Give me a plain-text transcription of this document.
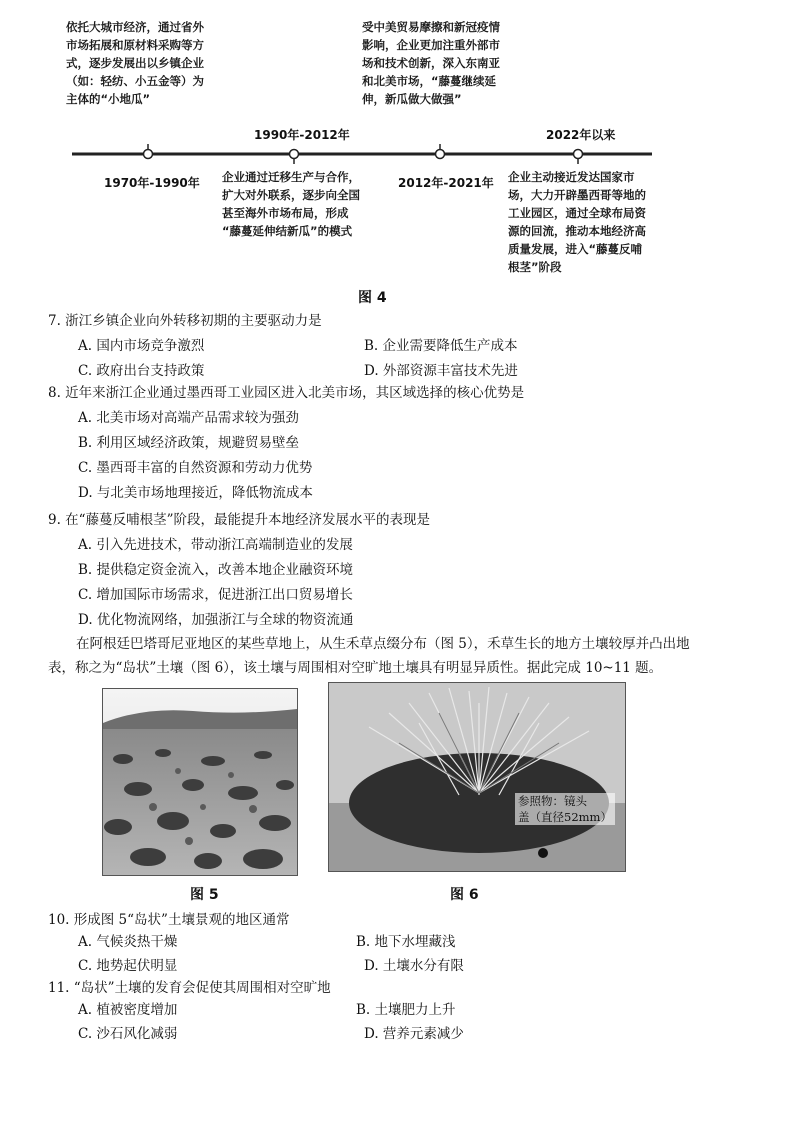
依托大城市经济，通过省外
市场拓展和原材料采购等方
式，逐步发展出以乡镇企业
（如：轻纺、小五金等）为
主体的“小地瓜”
受中美贸易摩擦和新冠疫情
影响，企业更加注重外部市
场和技术创新，深入东南亚
和北美市场，“藤蔓继续延
伸，新瓜做大做强”
1990年-2012年	2022年以来
1970年-1990年	2012年-2021年
企业通过迁移生产与合作，
扩大对外联系，逐步向全国
甚至海外市场布局，形成
“藤蔓延伸结新瓜”的模式
企业主动接近发达国家市
场，大力开辟墨西哥等地的
工业园区，通过全球布局资
源的回流，推动本地经济高
质量发展，进入“藤蔓反哺
根茎”阶段
图 4
7. 浙江乡镇企业向外转移初期的主要驱动力是
A. 国内市场竞争激烈	B. 企业需要降低生产成本
C. 政府出台支持政策	D. 外部资源丰富技术先进
8. 近年来浙江企业通过墨西哥工业园区进入北美市场，其区域选择的核心优势是
A. 北美市场对高端产品需求较为强劲
B. 利用区域经济政策，规避贸易壁垒
C. 墨西哥丰富的自然资源和劳动力优势
D. 与北美市场地理接近，降低物流成本
9. 在“藤蔓反哺根茎”阶段，最能提升本地经济发展水平的表现是
A. 引入先进技术，带动浙江高端制造业的发展
B. 提供稳定资金流入，改善本地企业融资环境
C. 增加国际市场需求，促进浙江出口贸易增长
D. 优化物流网络，加强浙江与全球的物资流通
在阿根廷巴塔哥尼亚地区的某些草地上，从生禾草点缀分布（图 5），禾草生长的地方土壤较厚并凸出地
表，称之为“岛状”土壤（图 6），该土壤与周围相对空旷地土壤具有明显异质性。据此完成 10~11 题。
参照物：镜头
盖（直径52mm）
图 5	图 6
10. 形成图 5“岛状”土壤景观的地区通常
A. 气候炎热干燥	B. 地下水埋藏浅
C. 地势起伏明显	D. 土壤水分有限
11. “岛状”土壤的发育会促使其周围相对空旷地
A. 植被密度增加	B. 土壤肥力上升
C. 沙石风化减弱	D. 营养元素减少
